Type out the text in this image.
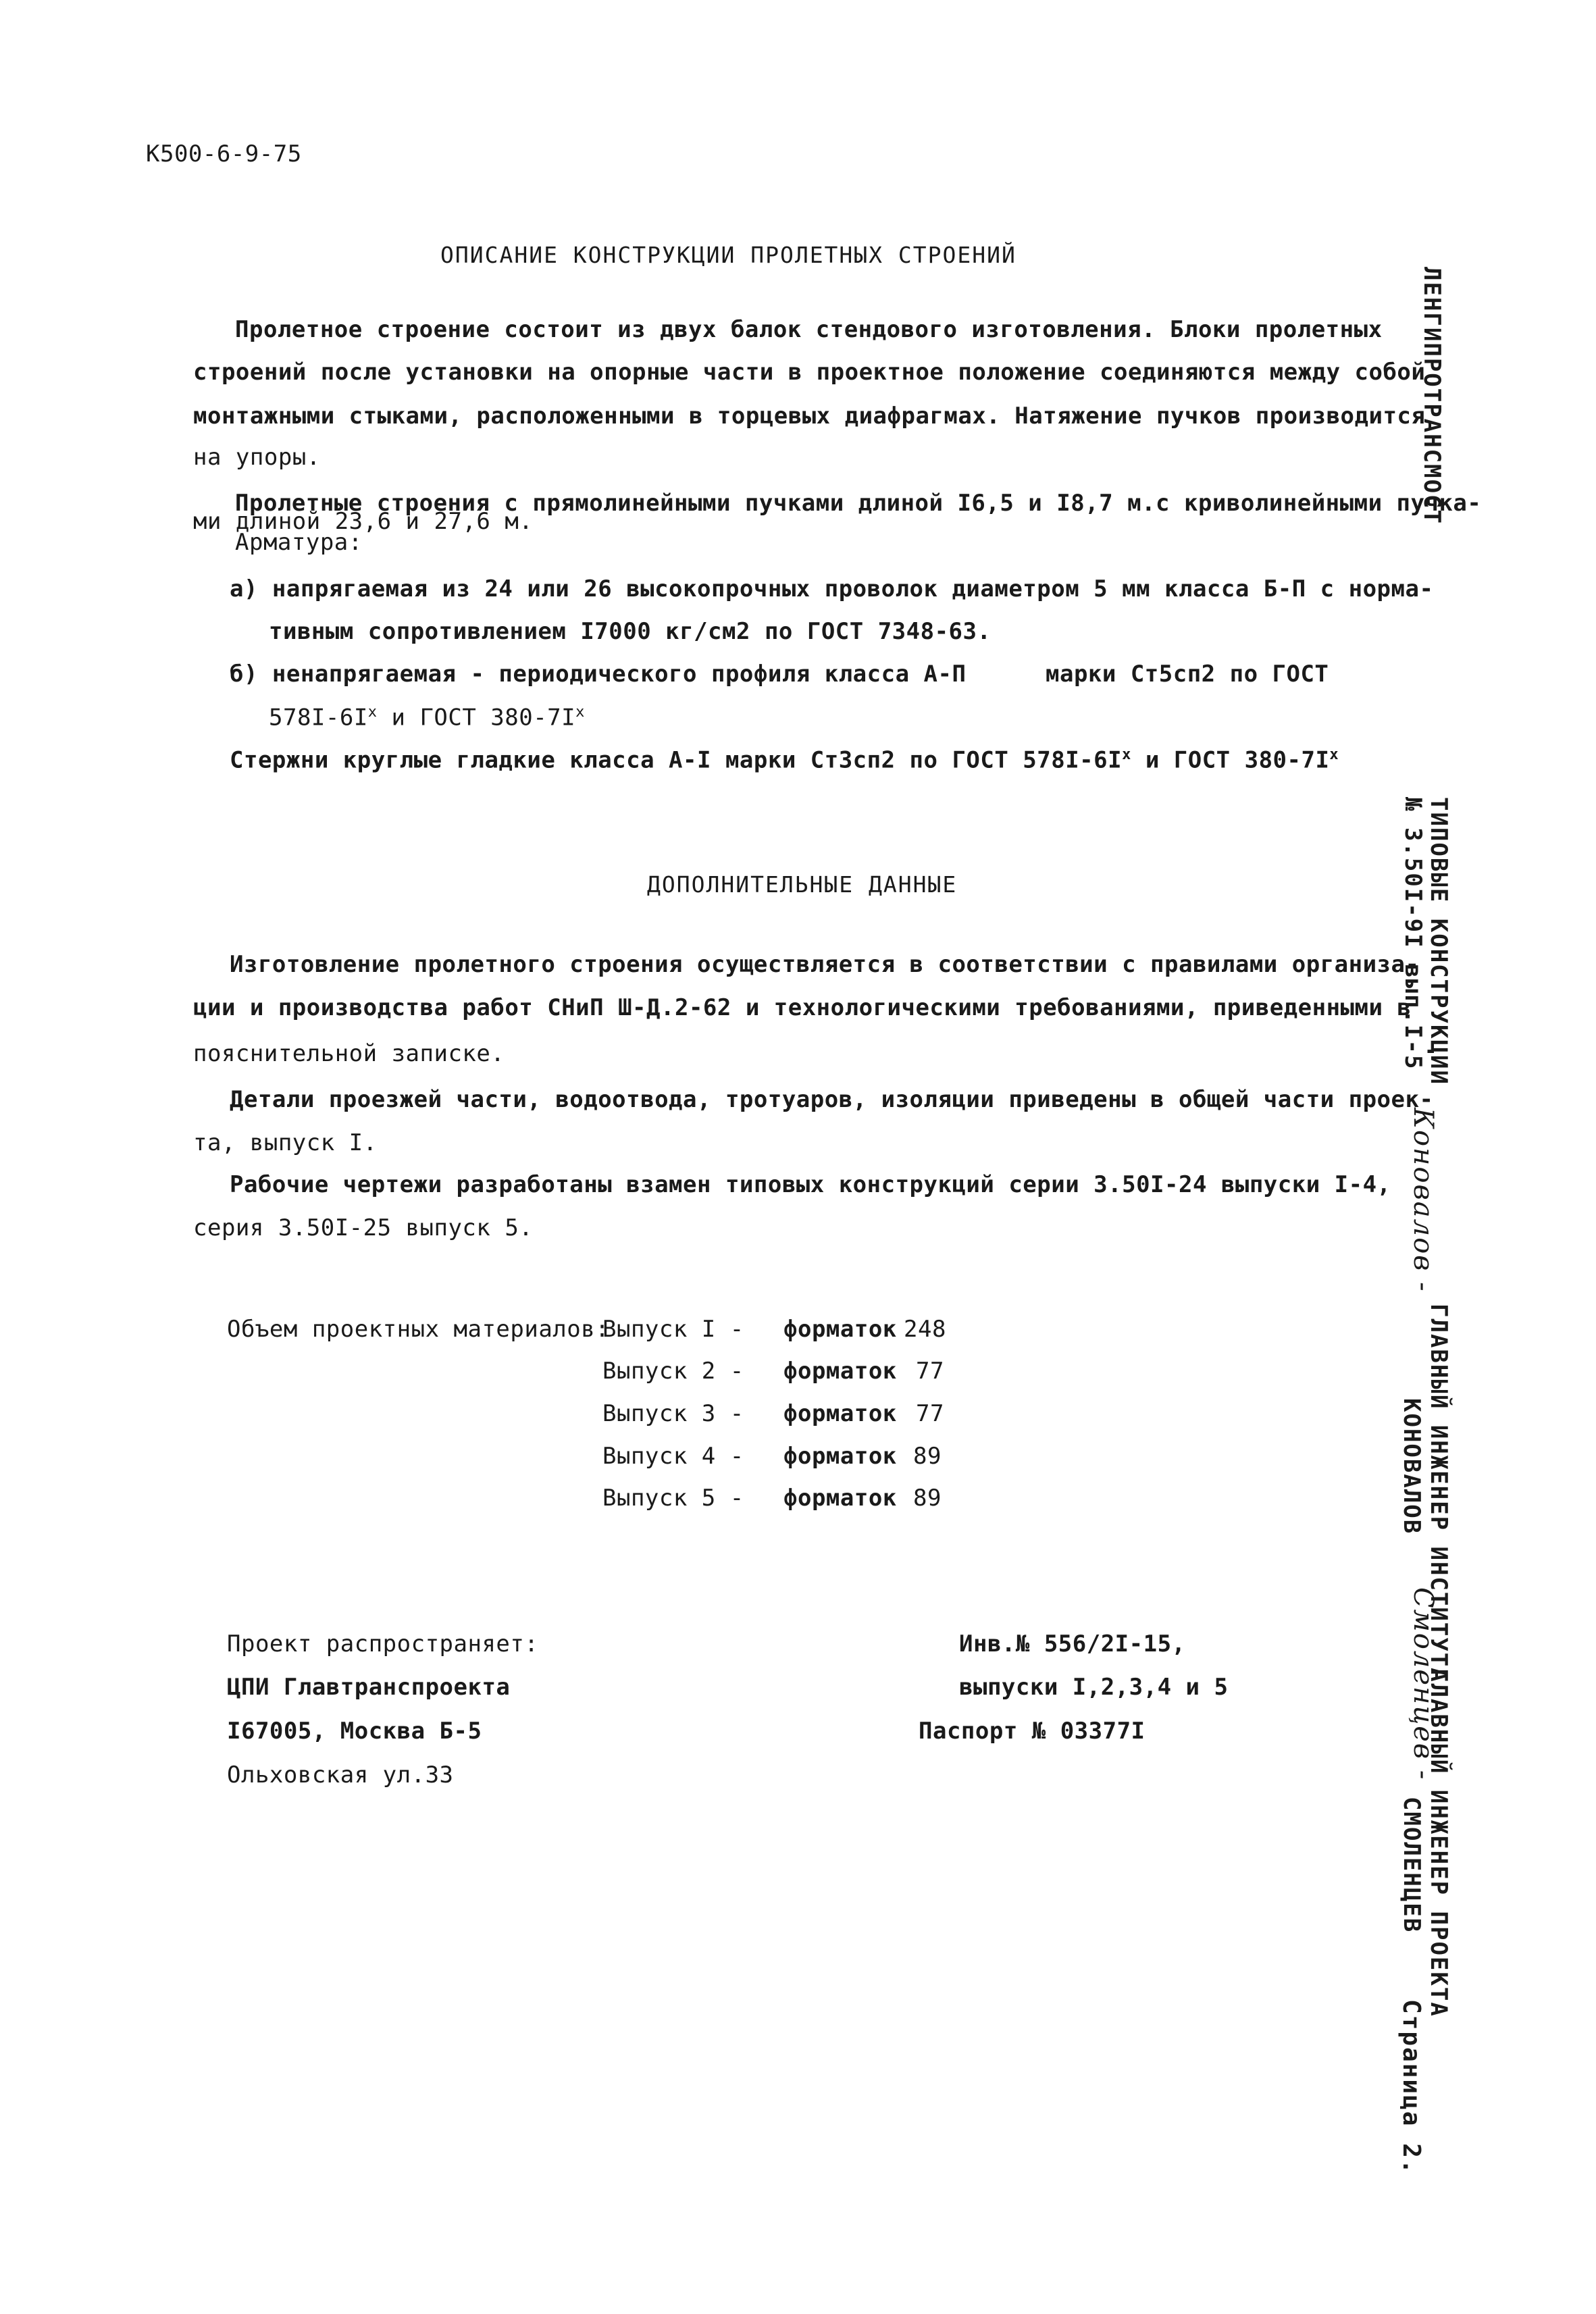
К500-6-9-75
ОПИСАНИЕ КОНСТРУКЦИИ ПРОЛЕТНЫХ СТРОЕНИЙ
Пролетное строение состоит из двух балок стендового изготовления. Блоки пролетных
строений после установки на опорные части в проектное положение соединяются между собой
монтажными стыками, расположенными в торцевых диафрагмах. Натяжение пучков производится
на упоры.
Пролетные строения с прямолинейными пучками длиной I6,5 и I8,7 м.с криволинейными пучка-
ми длиной 23,6 и 27,6 м.
Арматура:
а) напрягаемая из 24 или 26 высокопрочных проволок диаметром 5 мм класса Б-П с норма-
тивным сопротивлением I7000 кг/см2 по ГОСТ 7348-63.
б) ненапрягаемая - периодического профиля класса А-П	марки Ст5сп2 по ГОСТ
$578I-6I^х$ и ГОСТ $380-7I^х$
Стержни круглые гладкие класса А-I марки Ст3сп2 по ГОСТ $578I-6I^х$ и ГОСТ $380-7I^х$
ДОПОЛНИТЕЛЬНЫЕ ДАННЫЕ
Изготовление пролетного строения осуществляется в соответствии с правилами организа-
ции и производства работ СНиП Ш-Д.2-62 и технологическими требованиями, приведенными в
пояснительной записке.
Детали проезжей части, водоотвода, тротуаров, изоляции приведены в общей части проек-
та, выпуск I.
Рабочие чертежи разработаны взамен типовых конструкций серии 3.50I-24 выпуски I-4,
серия 3.50I-25 выпуск 5.
Объем проектных материалов:
Выпуск I - форматок 248
Выпуск 2 - форматок 77
Выпуск 3 - форматок 77
Выпуск 4 - форматок 89
Выпуск 5 - форматок 89
Проект распространяет:
ЦПИ Главтранспроекта
I67005, Москва Б-5
Ольховская ул.33
Инв.№ 556/2I-15,
выпуски I,2,3,4 и 5
Паспорт № 03377I
ЛЕНГИПРОТРАНСМОСТ
ТИПОВЫЕ КОНСТРУКЦИИ
№ 3.50I-9I вып.I-5
Коновалов -
ГЛАВНЫЙ ИНЖЕНЕР ИНСТИТУТА
КОНОВАЛОВ
Смоленцев -
ГЛАВНЫЙ ИНЖЕНЕР ПРОЕКТА
СМОЛЕНЦЕВ
Страница 2.
